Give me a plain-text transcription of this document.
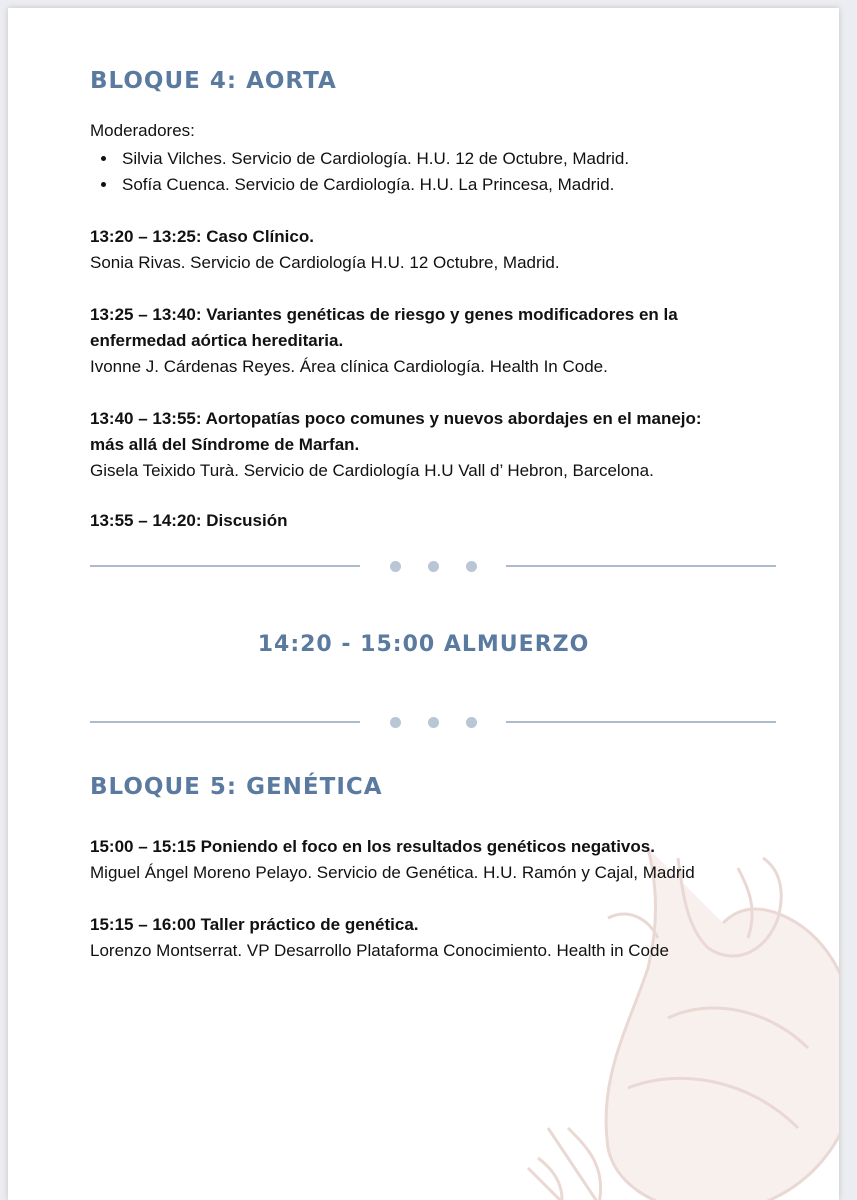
BLOQUE 4: AORTA
Moderadores:
• Silvia Vilches. Servicio de Cardiología. H.U. 12 de Octubre, Madrid.
• Sofía Cuenca. Servicio de Cardiología. H.U. La Princesa, Madrid.
13:20 – 13:25: Caso Clínico.
Sonia Rivas. Servicio de Cardiología H.U. 12 Octubre, Madrid.
13:25 – 13:40: Variantes genéticas de riesgo y genes modificadores en la
enfermedad aórtica hereditaria.
Ivonne J. Cárdenas Reyes. Área clínica Cardiología. Health In Code.
13:40 – 13:55: Aortopatías poco comunes y nuevos abordajes en el manejo:
más allá del Síndrome de Marfan.
Gisela Teixido Turà. Servicio de Cardiología H.U Vall d’ Hebron, Barcelona.
13:55 – 14:20: Discusión
14:20 - 15:00 ALMUERZO
BLOQUE 5: GENÉTICA
15:00 – 15:15 Poniendo el foco en los resultados genéticos negativos.
Miguel Ángel Moreno Pelayo. Servicio de Genética. H.U. Ramón y Cajal, Madrid
15:15 – 16:00 Taller práctico de genética.
Lorenzo Montserrat. VP Desarrollo Plataforma Conocimiento. Health in Code
